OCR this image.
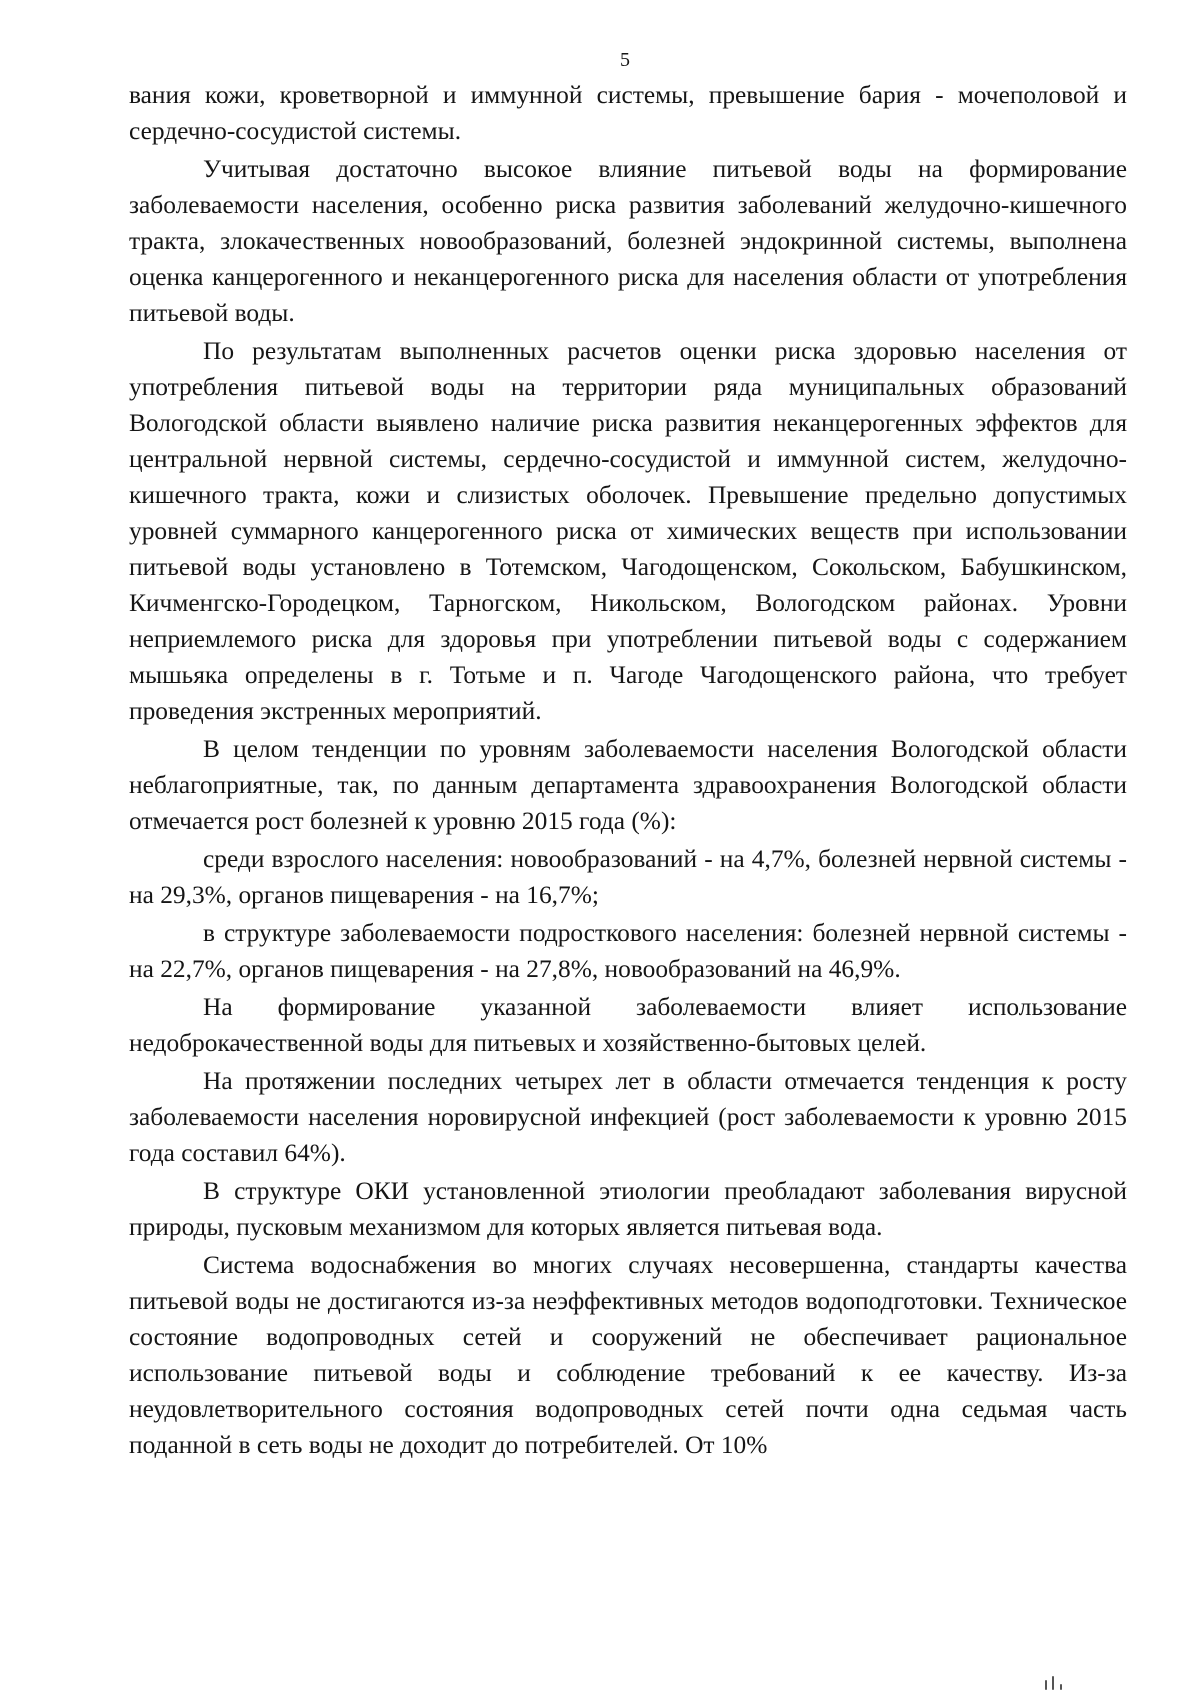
5

вания кожи, кроветворной и иммунной системы, превышение бария - мочеполовой и сердечно-сосудистой системы.

Учитывая достаточно высокое влияние питьевой воды на формирование заболеваемости населения, особенно риска развития заболеваний желудочно-кишечного тракта, злокачественных новообразований, болезней эндокринной системы, выполнена оценка канцерогенного и неканцерогенного риска для населения области от употребления питьевой воды.

По результатам выполненных расчетов оценки риска здоровью населения от употребления питьевой воды на территории ряда муниципальных образований Вологодской области выявлено наличие риска развития неканцерогенных эффектов для центральной нервной системы, сердечно-сосудистой и иммунной систем, желудочно-кишечного тракта, кожи и слизистых оболочек. Превышение предельно допустимых уровней суммарного канцерогенного риска от химических веществ при использовании питьевой воды установлено в Тотемском, Чагодощенском, Сокольском, Бабушкинском, Кичменгско-Городецком, Тарногском, Никольском, Вологодском районах. Уровни неприемлемого риска для здоровья при употреблении питьевой воды с содержанием мышьяка определены в г. Тотьме и п. Чагоде Чагодощенского района, что требует проведения экстренных мероприятий.

В целом тенденции по уровням заболеваемости населения Вологодской области неблагоприятные, так, по данным департамента здравоохранения Вологодской области отмечается рост болезней к уровню 2015 года (%):

среди взрослого населения: новообразований - на 4,7%, болезней нервной системы - на 29,3%, органов пищеварения - на 16,7%;

в структуре заболеваемости подросткового населения: болезней нервной системы - на 22,7%, органов пищеварения - на 27,8%, новообразований на 46,9%.

На формирование указанной заболеваемости влияет использование недоброкачественной воды для питьевых и хозяйственно-бытовых целей.

На протяжении последних четырех лет в области отмечается тенденция к росту заболеваемости населения норовирусной инфекцией (рост заболеваемости к уровню 2015 года составил 64%).

В структуре ОКИ установленной этиологии преобладают заболевания вирусной природы, пусковым механизмом для которых является питьевая вода.

Система водоснабжения во многих случаях несовершенна, стандарты качества питьевой воды не достигаются из-за неэффективных методов водоподготовки. Техническое состояние водопроводных сетей и сооружений не обеспечивает рациональное использование питьевой воды и соблюдение требований к ее качеству. Из-за неудовлетворительного состояния водопроводных сетей почти одна седьмая часть поданной в сеть воды не доходит до потребителей. От 10%
